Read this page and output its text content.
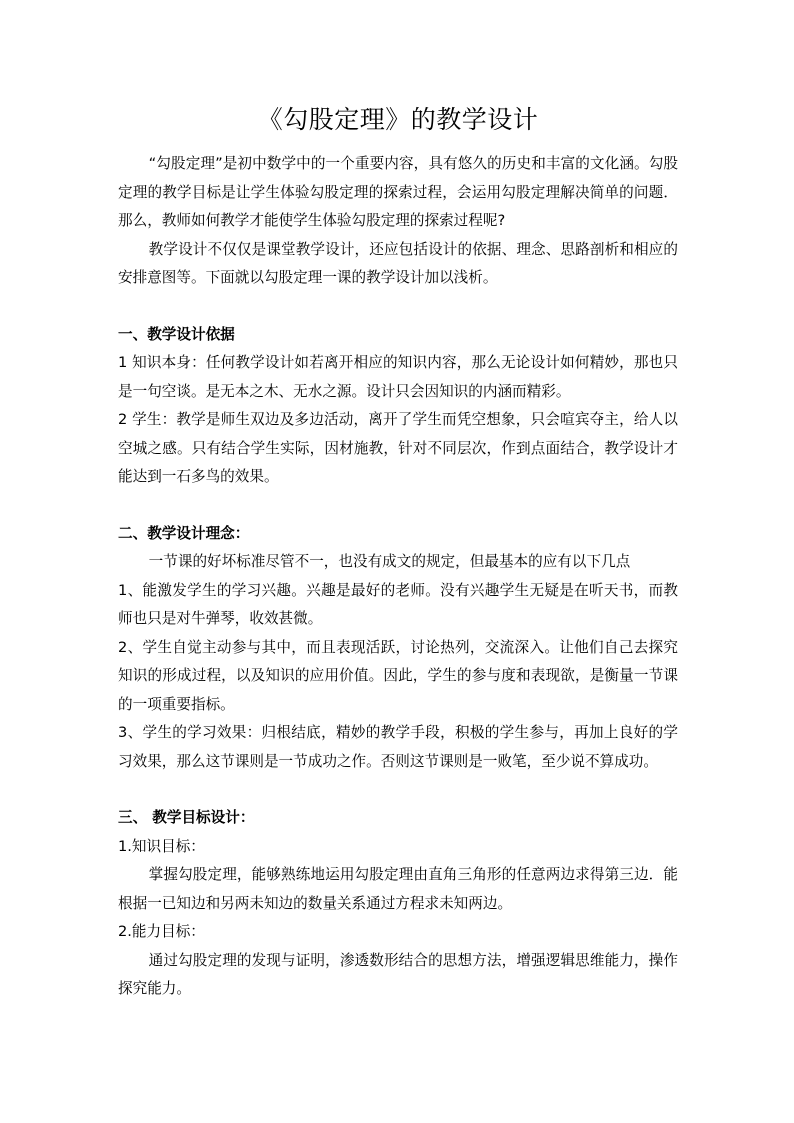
《勾股定理》的教学设计

“勾股定理”是初中数学中的一个重要内容，具有悠久的历史和丰富的文化涵。勾股定理的教学目标是让学生体验勾股定理的探索过程，会运用勾股定理解决简单的问题．那么，教师如何教学才能使学生体验勾股定理的探索过程呢?

教学设计不仅仅是课堂教学设计，还应包括设计的依据、理念、思路剖析和相应的安排意图等。下面就以勾股定理一课的教学设计加以浅析。

一、教学设计依据

1 知识本身：任何教学设计如若离开相应的知识内容，那么无论设计如何精妙，那也只是一句空谈。是无本之木、无水之源。设计只会因知识的内涵而精彩。

2 学生：教学是师生双边及多边活动，离开了学生而凭空想象，只会喧宾夺主，给人以空城之感。只有结合学生实际，因材施教，针对不同层次，作到点面结合，教学设计才能达到一石多鸟的效果。

二、教学设计理念：

一节课的好坏标准尽管不一，也没有成文的规定，但最基本的应有以下几点

1、能激发学生的学习兴趣。兴趣是最好的老师。没有兴趣学生无疑是在听天书，而教师也只是对牛弹琴，收效甚微。

2、学生自觉主动参与其中，而且表现活跃，讨论热列，交流深入。让他们自己去探究知识的形成过程，以及知识的应用价值。因此，学生的参与度和表现欲，是衡量一节课的一项重要指标。

3、学生的学习效果：归根结底，精妙的教学手段，积极的学生参与，再加上良好的学习效果，那么这节课则是一节成功之作。否则这节课则是一败笔，至少说不算成功。

三、 教学目标设计：

1.知识目标：

掌握勾股定理，能够熟练地运用勾股定理由直角三角形的任意两边求得第三边．能根据一已知边和另两未知边的数量关系通过方程求未知两边。

2.能力目标：

通过勾股定理的发现与证明，渗透数形结合的思想方法，增强逻辑思维能力，操作探究能力。
